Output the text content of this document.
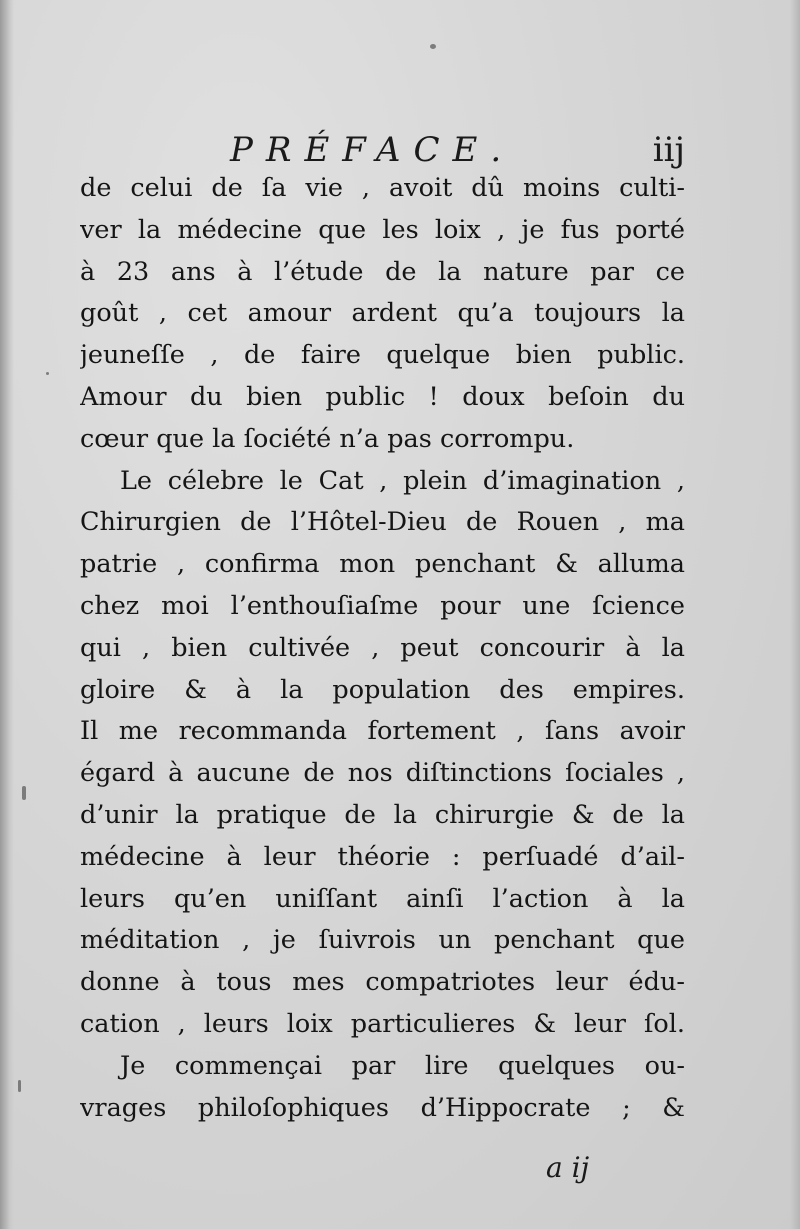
PRÉFACE.	iij
de celui de ſa vie , avoit dû moins culti-
ver la médecine que les loix , je fus porté
à 23 ans à l’étude de la nature par ce
goût , cet amour ardent qu’a toujours la
jeuneſſe , de faire quelque bien public.
Amour du bien public ! doux beſoin du
cœur que la ſociété n’a pas corrompu.
Le célebre le Cat , plein d’imagination ,
Chirurgien de l’Hôtel-Dieu de Rouen , ma
patrie , confirma mon penchant & alluma
chez moi l’enthouſiaſme pour une ſcience
qui , bien cultivée , peut concourir à la
gloire & à la population des empires.
Il me recommanda fortement , ſans avoir
égard à aucune de nos diſtinctions ſociales ,
d’unir la pratique de la chirurgie & de la
médecine à leur théorie : perſuadé d’ail-
leurs qu’en uniſſant ainſi l’action à la
méditation , je ſuivrois un penchant que
donne à tous mes compatriotes leur édu-
cation , leurs loix particulieres & leur ſol.
Je commençai par lire quelques ou-
vrages philoſophiques d’Hippocrate ; &
a ij
